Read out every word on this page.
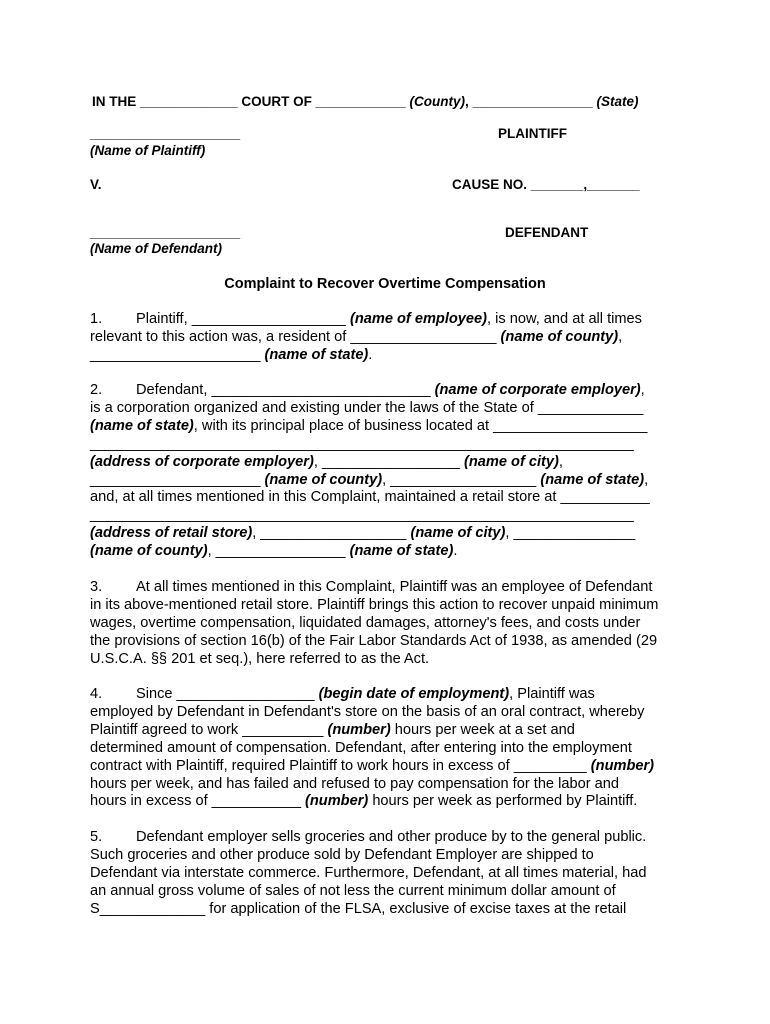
IN THE _____________ COURT OF ____________ (County), ________________ (State)
____________________	PLAINTIFF
(Name of Plaintiff)
V.	CAUSE NO. _______,_______
____________________	DEFENDANT
(Name of Defendant)
Complaint to Recover Overtime Compensation
1. Plaintiff, ___________________ (name of employee), is now, and at all times
relevant to this action was, a resident of __________________ (name of county),
_____________________ (name of state).
2. Defendant, ___________________________ (name of corporate employer),
is a corporation organized and existing under the laws of the State of _____________
(name of state), with its principal place of business located at ___________________
___________________________________________________________________
(address of corporate employer), _________________ (name of city),
_____________________ (name of county), __________________ (name of state),
and, at all times mentioned in this Complaint, maintained a retail store at ___________
___________________________________________________________________
(address of retail store), __________________ (name of city), _______________
(name of county), ________________ (name of state).
3. At all times mentioned in this Complaint, Plaintiff was an employee of Defendant
in its above-mentioned retail store. Plaintiff brings this action to recover unpaid minimum
wages, overtime compensation, liquidated damages, attorney's fees, and costs under
the provisions of section 16(b) of the Fair Labor Standards Act of 1938, as amended (29
U.S.C.A. §§ 201 et seq.), here referred to as the Act.
4. Since _________________ (begin date of employment), Plaintiff was
employed by Defendant in Defendant's store on the basis of an oral contract, whereby
Plaintiff agreed to work __________ (number) hours per week at a set and
determined amount of compensation. Defendant, after entering into the employment
contract with Plaintiff, required Plaintiff to work hours in excess of _________ (number)
hours per week, and has failed and refused to pay compensation for the labor and
hours in excess of ___________ (number) hours per week as performed by Plaintiff.
5. Defendant employer sells groceries and other produce by to the general public.
Such groceries and other produce sold by Defendant Employer are shipped to
Defendant via interstate commerce. Furthermore, Defendant, at all times material, had
an annual gross volume of sales of not less the current minimum dollar amount of
S_____________ for application of the FLSA, exclusive of excise taxes at the retail
